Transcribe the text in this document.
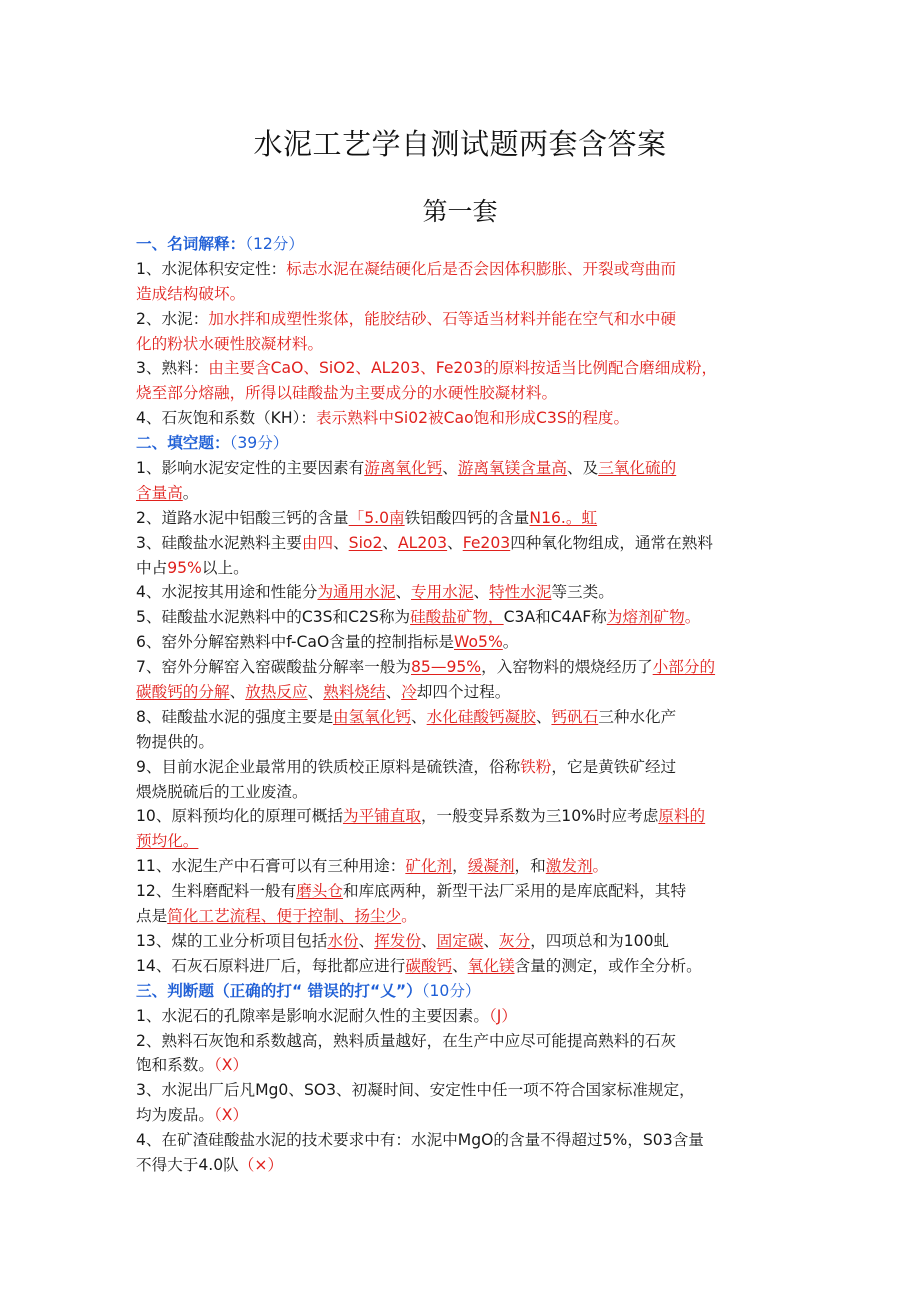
水泥工艺学自测试题两套含答案
第一套
一、名词解释：（12分）
1、水泥体积安定性：标志水泥在凝结硬化后是否会因体积膨胀、开裂或弯曲而
造成结构破坏。
2、水泥：加水拌和成塑性浆体，能胶结砂、石等适当材料并能在空气和水中硬
化的粉状水硬性胶凝材料。
3、熟料：由主要含CaO、SiO2、AL203、Fe203的原料按适当比例配合磨细成粉，
烧至部分熔融，所得以硅酸盐为主要成分的水硬性胶凝材料。
4、石灰饱和系数（KH）：表示熟料中Si02被Cao饱和形成C3S的程度。
二、填空题：（39分）
1、影响水泥安定性的主要因素有游离氧化钙、游离氧镁含量高、及三氧化硫的
含量高。
2、道路水泥中铝酸三钙的含量「5.0南铁铝酸四钙的含量N16.。虹
3、硅酸盐水泥熟料主要由四、Sio2、AL203、Fe203四种氧化物组成，通常在熟料
中占95%以上。
4、水泥按其用途和性能分为通用水泥、专用水泥、特性水泥等三类。
5、硅酸盐水泥熟料中的C3S和C2S称为硅酸盐矿物，C3A和C4AF称为熔剂矿物。
6、窑外分解窑熟料中f-CaO含量的控制指标是Wo5%。
7、窑外分解窑入窑碳酸盐分解率一般为85—95%，入窑物料的煨烧经历了小部分的
碳酸钙的分解、放热反应、熟料烧结、冷却四个过程。
8、硅酸盐水泥的强度主要是由氢氧化钙、水化硅酸钙凝胶、钙矾石三种水化产
物提供的。
9、目前水泥企业最常用的铁质校正原料是硫铁渣，俗称铁粉，它是黄铁矿经过
煨烧脱硫后的工业废渣。
10、原料预均化的原理可概括为平铺直取，一般变异系数为三10%时应考虑原料的
预均化。
11、水泥生产中石膏可以有三种用途：矿化剂，缓凝剂，和激发剂。
12、生料磨配料一般有磨头仓和库底两种，新型干法厂采用的是库底配料，其特
点是简化工艺流程、便于控制、扬尘少。
13、煤的工业分析项目包括水份、挥发份、固定碳、灰分，四项总和为100虬
14、石灰石原料进厂后，每批都应进行碳酸钙、氧化镁含量的测定，或作全分析。
三、判断题（正确的打“ 错误的打“乂”）（10分）
1、水泥石的孔隙率是影响水泥耐久性的主要因素。（J）
2、熟料石灰饱和系数越高，熟料质量越好，在生产中应尽可能提高熟料的石灰
饱和系数。（X）
3、水泥出厂后凡Mg0、SO3、初凝时间、安定性中任一项不符合国家标准规定，
均为废品。（X）
4、在矿渣硅酸盐水泥的技术要求中有：水泥中MgO的含量不得超过5%，S03含量
不得大于4.0队（×）
